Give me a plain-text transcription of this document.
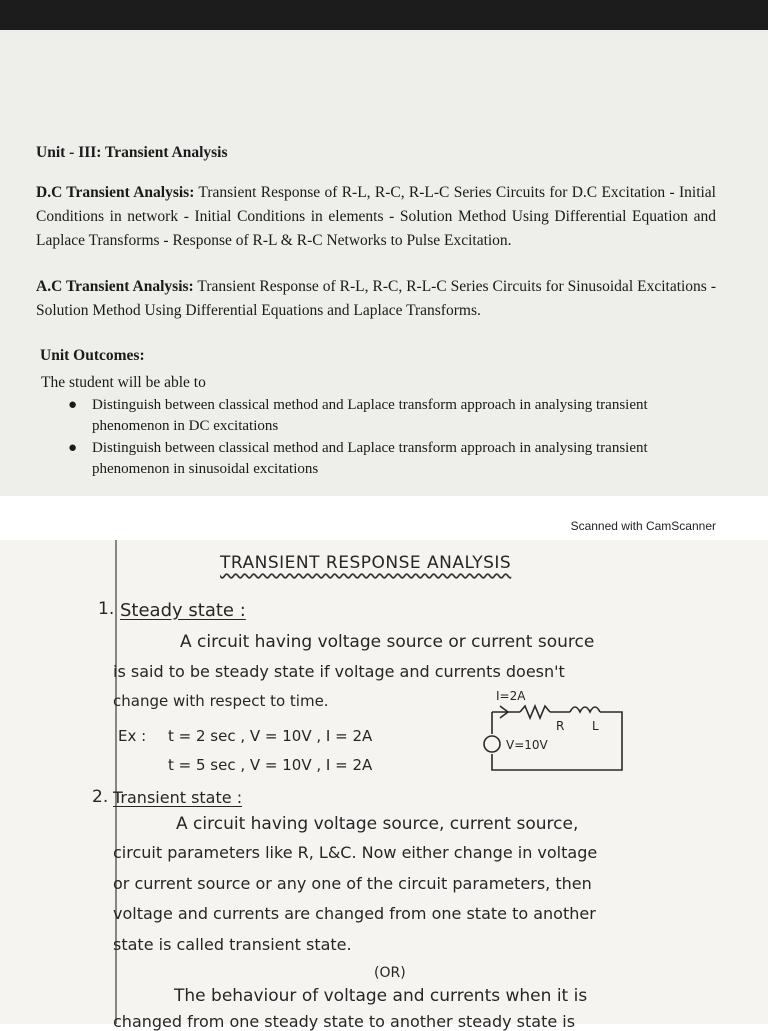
Unit - III: Transient Analysis
D.C Transient Analysis: Transient Response of R-L, R-C, R-L-C Series Circuits for D.C Excitation - Initial Conditions in network - Initial Conditions in elements - Solution Method Using Differential Equation and Laplace Transforms - Response of R-L & R-C Networks to Pulse Excitation.
A.C Transient Analysis: Transient Response of R-L, R-C, R-L-C Series Circuits for Sinusoidal Excitations - Solution Method Using Differential Equations and Laplace Transforms.
Unit Outcomes:
The student will be able to
● Distinguish between classical method and Laplace transform approach in analysing transient phenomenon in DC excitations
● Distinguish between classical method and Laplace transform approach in analysing transient phenomenon in sinusoidal excitations
Scanned with CamScanner
TRANSIENT RESPONSE ANALYSIS
1. Steady state :
A circuit having voltage source or current source
is said to be steady state if voltage and currents doesn't
change with respect to time.
Ex : t = 2 sec , V = 10V , I = 2A
t = 5 sec , V = 10V , I = 2A
I=2A
R L
V=10V
2. Transient state :
A circuit having voltage source, current source,
circuit parameters like R, L&C. Now either change in voltage
or current source or any one of the circuit parameters, then
voltage and currents are changed from one state to another
state is called transient state.
(OR)
The behaviour of voltage and currents when it is
changed from one steady state to another steady state is
